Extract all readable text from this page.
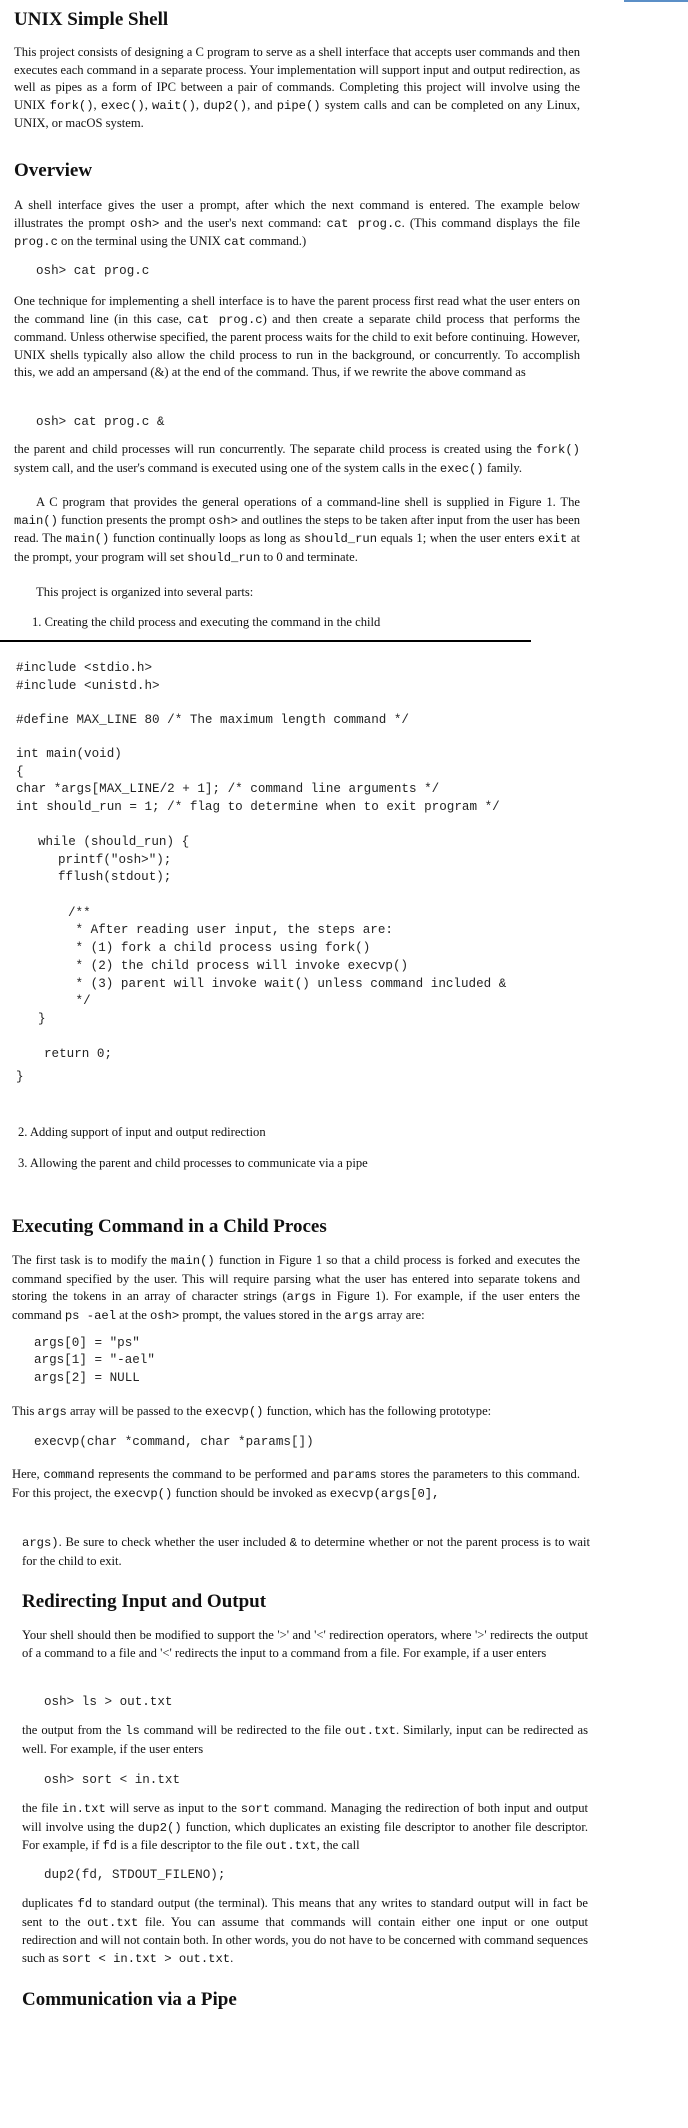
UNIX Simple Shell

This project consists of designing a C program to serve as a shell interface that accepts user commands and then executes each command in a separate process. Your implementation will support input and output redirection, as well as pipes as a form of IPC between a pair of commands. Completing this project will involve using the UNIX fork(), exec(), wait(), dup2(), and pipe() system calls and can be completed on any Linux, UNIX, or macOS system.

Overview

A shell interface gives the user a prompt, after which the next command is entered. The example below illustrates the prompt osh> and the user's next command: cat prog.c. (This command displays the file prog.c on the terminal using the UNIX cat command.)

osh> cat prog.c

One technique for implementing a shell interface is to have the parent process first read what the user enters on the command line (in this case, cat prog.c) and then create a separate child process that performs the command. Unless otherwise specified, the parent process waits for the child to exit before continuing. However, UNIX shells typically also allow the child process to run in the background, or concurrently. To accomplish this, we add an ampersand (&) at the end of the command. Thus, if we rewrite the above command as

osh> cat prog.c &

the parent and child processes will run concurrently. The separate child process is created using the fork() system call, and the user's command is executed using one of the system calls in the exec() family.

A C program that provides the general operations of a command-line shell is supplied in Figure 1. The main() function presents the prompt osh> and outlines the steps to be taken after input from the user has been read. The main() function continually loops as long as should_run equals 1; when the user enters exit at the prompt, your program will set should_run to 0 and terminate.

This project is organized into several parts:

1. Creating the child process and executing the command in the child
#include <stdio.h>
#include <unistd.h>
#define MAX_LINE 80 /* The maximum length command */
int main(void)
{
char *args[MAX_LINE/2 + 1]; /* command line arguments */
int should_run = 1; /* flag to determine when to exit program */
while (should_run) {
printf("osh>");
fflush(stdout);
/**
* After reading user input, the steps are:
* (1) fork a child process using fork()
* (2) the child process will invoke execvp()
* (3) parent will invoke wait() unless command included &
*/
}
return 0;
}
2. Adding support of input and output redirection
3. Allowing the parent and child processes to communicate via a pipe
Executing Command in a Child Proces

The first task is to modify the main() function in Figure 1 so that a child process is forked and executes the command specified by the user. This will require parsing what the user has entered into separate tokens and storing the tokens in an array of character strings (args in Figure 1). For example, if the user enters the command ps -ael at the osh> prompt, the values stored in the args array are:

args[0] = "ps"
args[1] = "-ael"
args[2] = NULL

This args array will be passed to the execvp() function, which has the following prototype:

execvp(char *command, char *params[])

Here, command represents the command to be performed and params stores the parameters to this command. For this project, the execvp() function should be invoked as execvp(args[0],

args). Be sure to check whether the user included & to determine whether or not the parent process is to wait for the child to exit.

Redirecting Input and Output

Your shell should then be modified to support the '>' and '<' redirection operators, where '>' redirects the output of a command to a file and '<' redirects the input to a command from a file. For example, if a user enters

osh> ls > out.txt

the output from the ls command will be redirected to the file out.txt. Similarly, input can be redirected as well. For example, if the user enters

osh> sort < in.txt

the file in.txt will serve as input to the sort command. Managing the redirection of both input and output will involve using the dup2() function, which duplicates an existing file descriptor to another file descriptor. For example, if fd is a file descriptor to the file out.txt, the call

dup2(fd, STDOUT_FILENO);

duplicates fd to standard output (the terminal). This means that any writes to standard output will in fact be sent to the out.txt file. You can assume that commands will contain either one input or one output redirection and will not contain both. In other words, you do not have to be concerned with command sequences such as sort < in.txt > out.txt.

Communication via a Pipe
